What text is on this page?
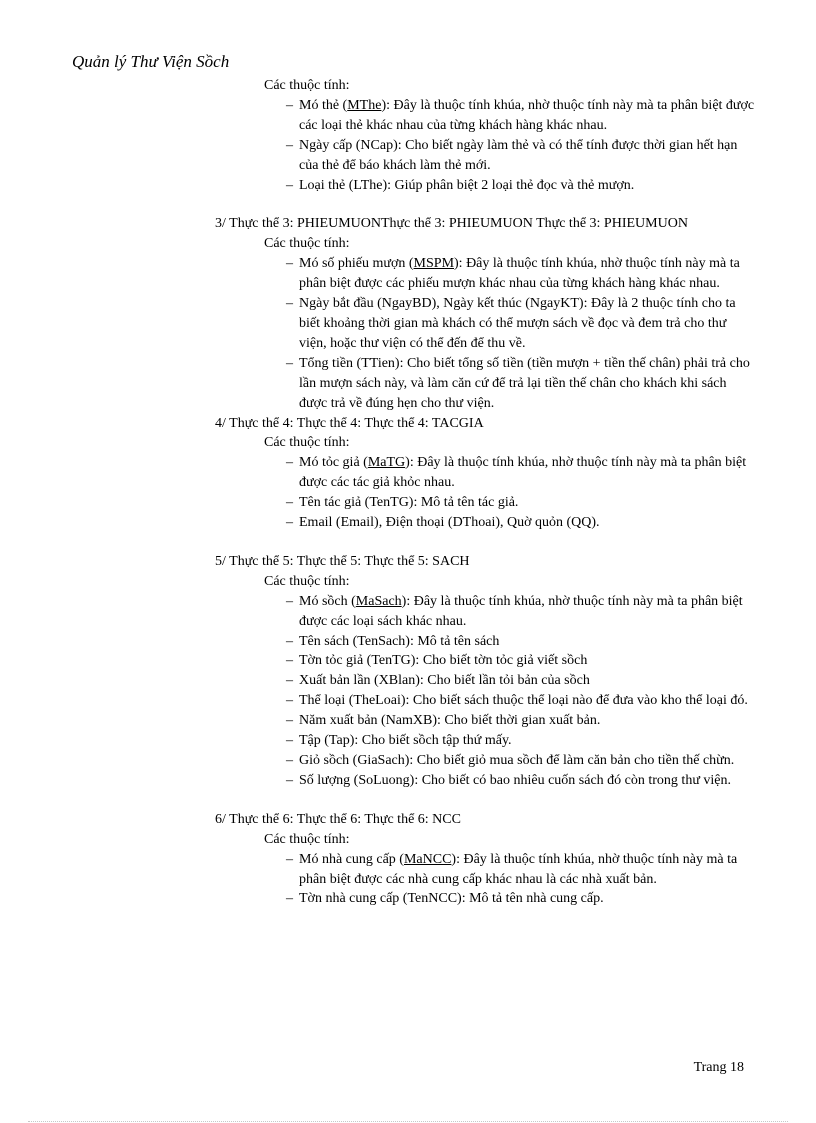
Quản lý Thư Viện Sồch
Các thuộc tính:
– Mó thẻ (MThe): Đây là thuộc tính khúa, nhờ thuộc tính này mà ta phân biệt được các loại thẻ khác nhau của từng khách hàng khác nhau.
– Ngày cấp (NCap): Cho biết ngày làm thẻ và có thể tính được thời gian hết hạn của thẻ để báo khách làm thẻ mới.
– Loại thẻ (LThe): Giúp phân biệt 2 loại thẻ đọc và thẻ mượn.
3/ Thực thể 3: PHIEUMUONThực thể 3: PHIEUMUON Thực thể 3: PHIEUMUON
Các thuộc tính:
– Mó số phiếu mượn (MSPM): Đây là thuộc tính khúa, nhờ thuộc tính này mà ta phân biệt được các phiếu mượn khác nhau của từng khách hàng khác nhau.
– Ngày bắt đầu (NgayBD), Ngày kết thúc (NgayKT): Đây là 2 thuộc tính cho ta biết khoảng thời gian mà khách có thể mượn sách về đọc và đem trả cho thư viện, hoặc thư viện có thể đến để thu về.
– Tổng tiền (TTien): Cho biết tổng số tiền (tiền mượn + tiền thế chân) phải trả cho lần mượn sách này, và làm căn cứ để trả lại tiền thế chân cho khách khi sách được trả về đúng hẹn cho thư viện.
4/ Thực thể 4: Thực thể 4: Thực thể 4: TACGIA
Các thuộc tính:
– Mó tỏc giả (MaTG): Đây là thuộc tính khúa, nhờ thuộc tính này mà ta phân biệt được các tác giả khỏc nhau.
– Tên tác giả (TenTG): Mô tả tên tác giả.
– Email (Email), Điện thoại (DThoai), Quờ quỏn (QQ).
5/ Thực thể 5: Thực thể 5: Thực thể 5: SACH
Các thuộc tính:
– Mó sồch (MaSach): Đây là thuộc tính khúa, nhờ thuộc tính này mà ta phân biệt được các loại sách khác nhau.
– Tên sách (TenSach): Mô tả tên sách
– Tờn tỏc giả (TenTG): Cho biết tờn tỏc giả viết sồch
– Xuất bản lần (XBlan): Cho biết lần tỏi bản của sồch
– Thể loại (TheLoai): Cho biết sách thuộc thể loại nào để đưa vào kho thể loại đó.
– Năm xuất bản (NamXB): Cho biết thời gian xuất bản.
– Tập (Tap): Cho biết sồch tập thứ mấy.
– Giỏ sồch (GiaSach): Cho biết giỏ mua sồch để làm căn bản cho tiền thế chừn.
– Số lượng (SoLuong): Cho biết có bao nhiêu cuốn sách đó còn trong thư viện.
6/ Thực thể 6: Thực thể 6: Thực thể 6: NCC
Các thuộc tính:
– Mó nhà cung cấp (MaNCC): Đây là thuộc tính khúa, nhờ thuộc tính này mà ta phân biệt được các nhà cung cấp khác nhau là các nhà xuất bản.
– Tờn nhà cung cấp (TenNCC): Mô tả tên nhà cung cấp.
Trang 18
